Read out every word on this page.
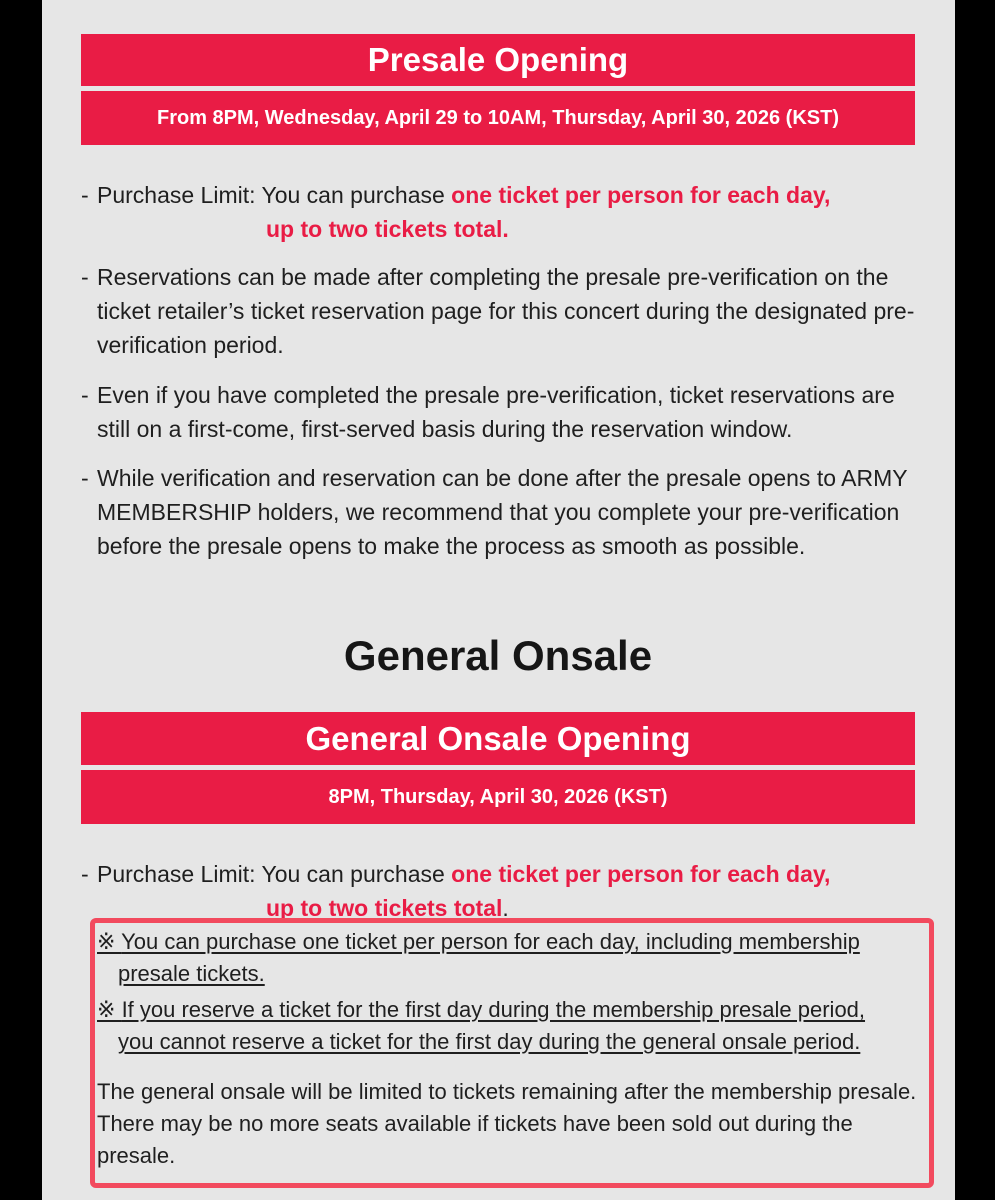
Presale Opening
From 8PM, Wednesday, April 29 to 10AM, Thursday, April 30, 2026 (KST)
- Purchase Limit: You can purchase one ticket per person for each day,
up to two tickets total.
- Reservations can be made after completing the presale pre-verification on the ticket retailer’s ticket reservation page for this concert during the designated pre-verification period.
- Even if you have completed the presale pre-verification, ticket reservations are still on a first-come, first-served basis during the reservation window.
- While verification and reservation can be done after the presale opens to ARMY MEMBERSHIP holders, we recommend that you complete your pre-verification before the presale opens to make the process as smooth as possible.
General Onsale
General Onsale Opening
8PM, Thursday, April 30, 2026 (KST)
- Purchase Limit: You can purchase one ticket per person for each day,
up to two tickets total.
※ You can purchase one ticket per person for each day, including membership
presale tickets.
※ If you reserve a ticket for the first day during the membership presale period,
you cannot reserve a ticket for the first day during the general onsale period.
The general onsale will be limited to tickets remaining after the membership presale. There may be no more seats available if tickets have been sold out during the presale.
